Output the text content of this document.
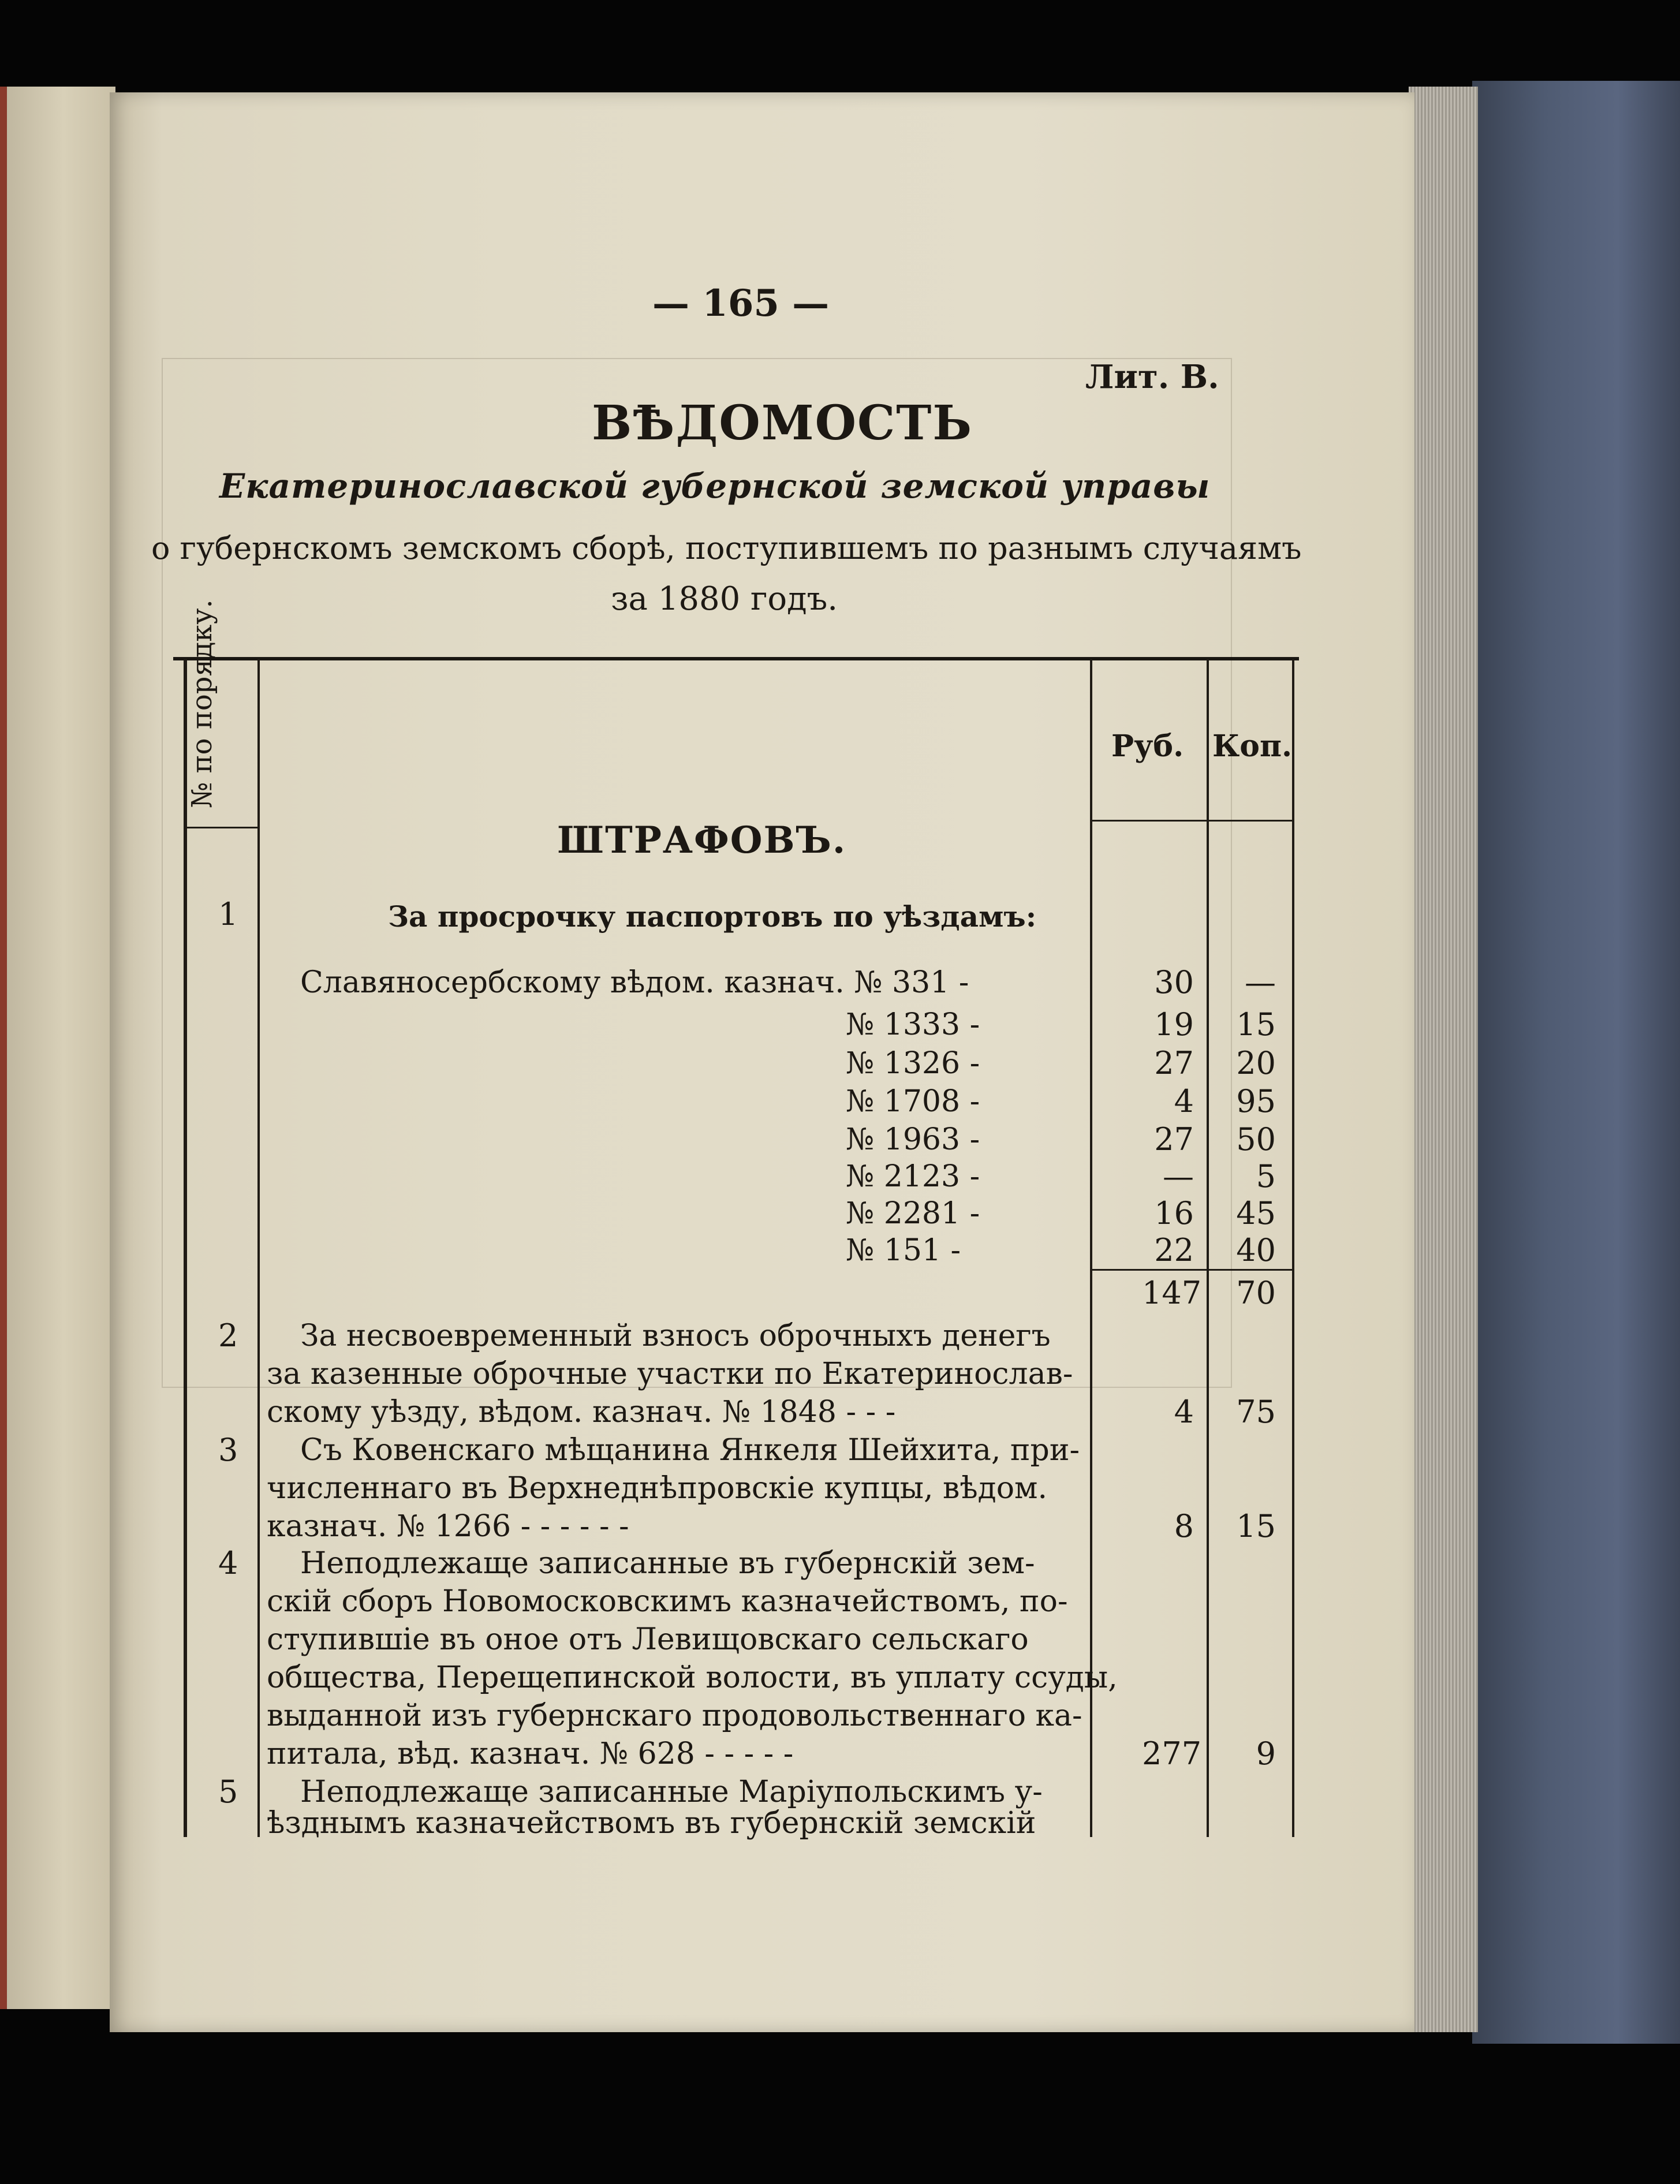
— 165 —
Лит. В.
ВѢДОМОСТЬ
Екатеринославской губернской земской управы
о губернскомъ земскомъ сборѣ, поступившемъ по разнымъ случаямъ
за 1880 годъ.
№ по порядку.	Руб. Коп.
ШТРАФОВЪ.
За просрочку паспортовъ по уѣздамъ:
1
Славяносербскому вѣдом. казнач. № 331 -	30	—
№ 1333 -	19	15
№ 1326 -	27	20
№ 1708 -	4	95
№ 1963 -	27	50
№ 2123 -	—	5
№ 2281 -	16	45
№ 151 -	22	40
147	70
2 За несвоевременный взносъ оброчныхъ денегъ
за казенные оброчные участки по Екатеринослав-
скому уѣзду, вѣдом. казнач. № 1848 - - -	4	75
3 Съ Ковенскаго мѣщанина Янкеля Шейхита, при-
численнаго въ Верхнеднѣпровскіе купцы, вѣдом.
казнач. № 1266 - - - - - -	8	15
4 Неподлежаще записанные въ губернскій зем-
скій сборъ Новомосковскимъ казначействомъ, по-
ступившіе въ оное отъ Левищовскаго сельскаго
общества, Перещепинской волости, въ уплату ссуды,
выданной изъ губернскаго продовольственнаго ка-
питала, вѣд. казнач. № 628 - - - - -	277	9
5 Неподлежаще записанные Маріупольскимъ у-
ѣзднымъ казначействомъ въ губернскій земскій
